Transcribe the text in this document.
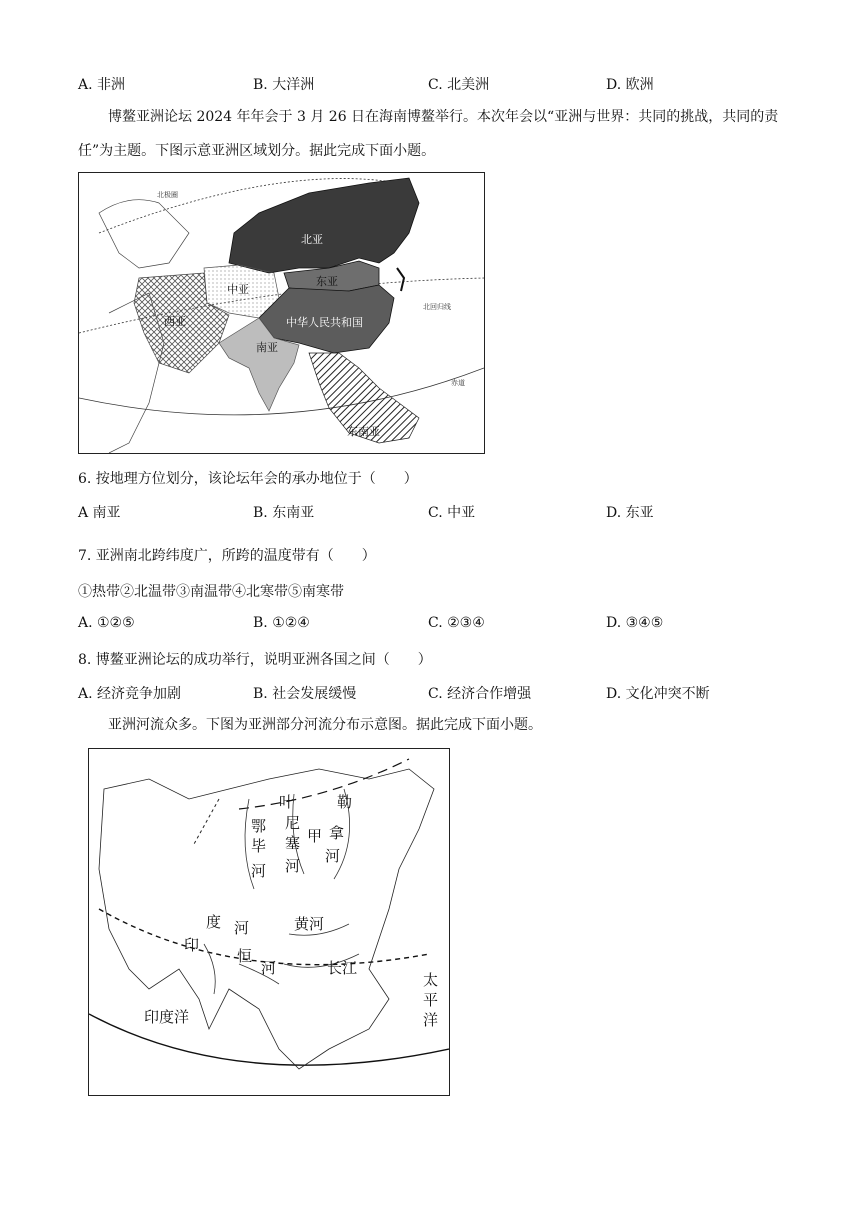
A. 非洲	B. 大洋洲	C. 北美洲	D. 欧洲
博鳌亚洲论坛 2024 年年会于 3 月 26 日在海南博鳌举行。本次年会以“亚洲与世界：共同的挑战，共同的责任”为主题。下图示意亚洲区域划分。据此完成下面小题。
北亚
东亚
中亚
西亚	中华人民共和国
南亚
东南亚
北极圈
北回归线
赤道
6. 按地理方位划分，该论坛年会的承办地位于（　　）
A 南亚	B. 东南亚	C. 中亚	D. 东亚
7. 亚洲南北跨纬度广，所跨的温度带有（　　）
①热带②北温带③南温带④北寒带⑤南寒带
A. ①②⑤	B. ①②④	C. ②③④	D. ③④⑤
8. 博鳌亚洲论坛的成功举行，说明亚洲各国之间（　　）
A. 经济竞争加剧	B. 社会发展缓慢	C. 经济合作增强	D. 文化冲突不断
亚洲河流众多。下图为亚洲部分河流分布示意图。据此完成下面小题。
鄂
毕
河
叶
尼
塞
河
甲
勒
拿
河
印
度 河	黄河
恒
河	长江
印度洋
太
平
洋
